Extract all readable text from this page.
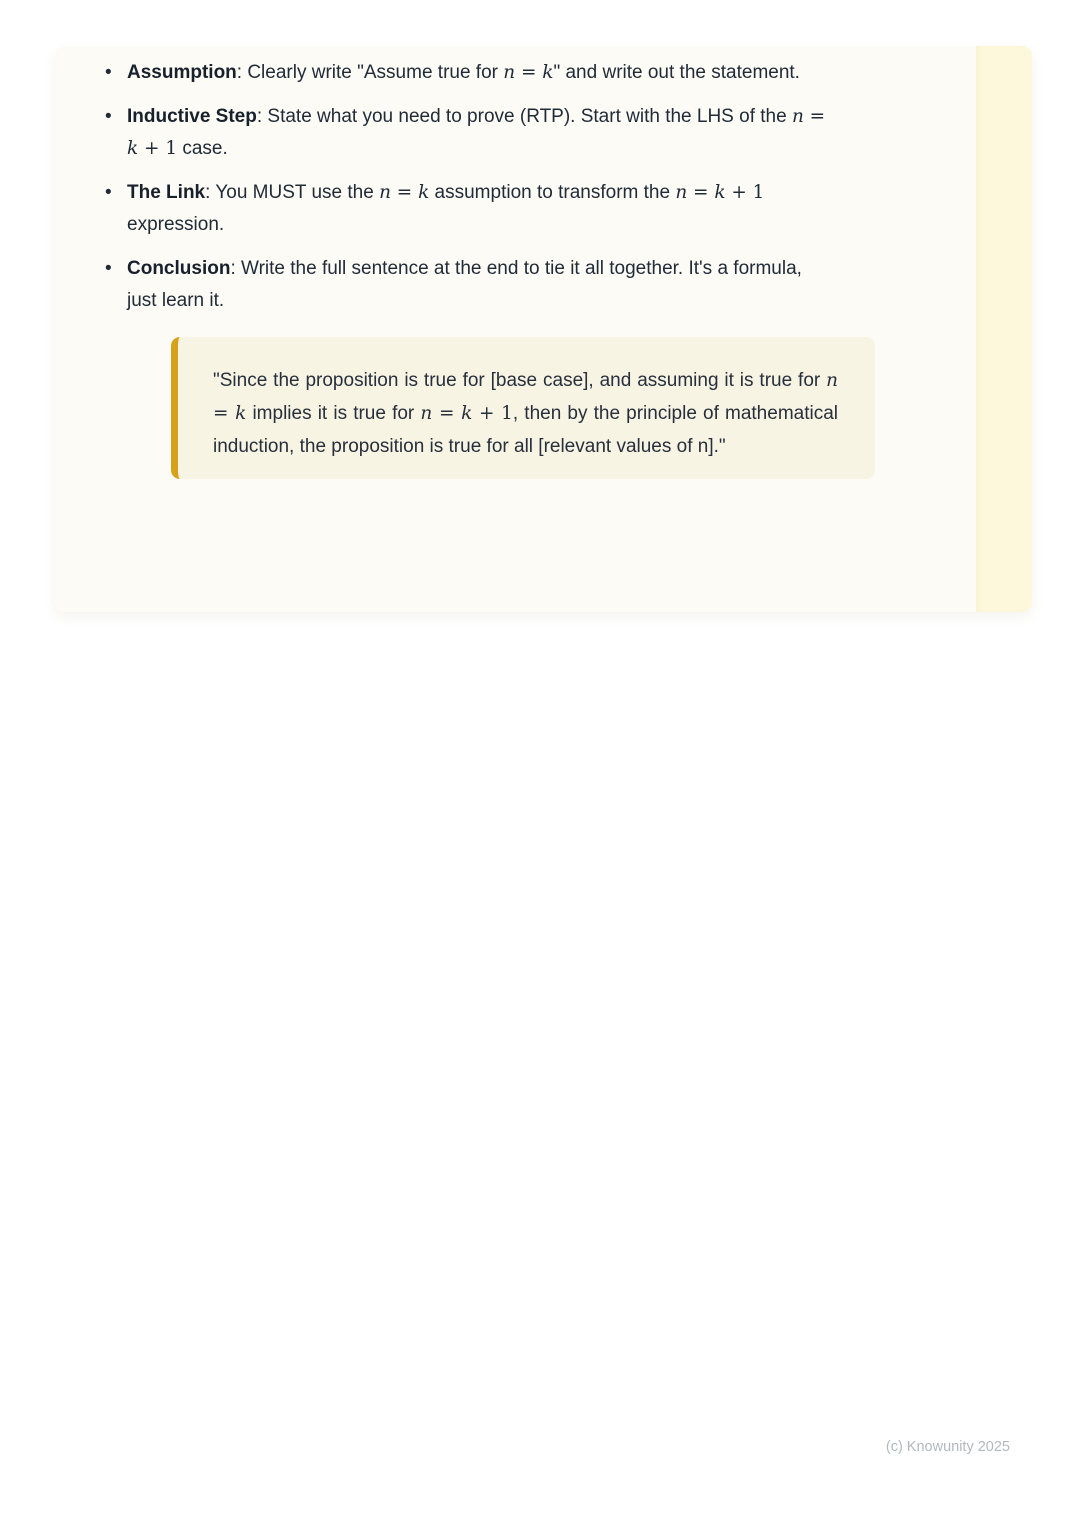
• Assumption: Clearly write "Assume true for n = k" and write out the statement.
• Inductive Step: State what you need to prove (RTP). Start with the LHS of the n = k + 1 case.
• The Link: You MUST use the n = k assumption to transform the n = k + 1 expression.
• Conclusion: Write the full sentence at the end to tie it all together. It's a formula, just learn it.
"Since the proposition is true for [base case], and assuming it is true for n = k implies it is true for n = k + 1, then by the principle of mathematical induction, the proposition is true for all [relevant values of n]."
(c) Knowunity 2025
